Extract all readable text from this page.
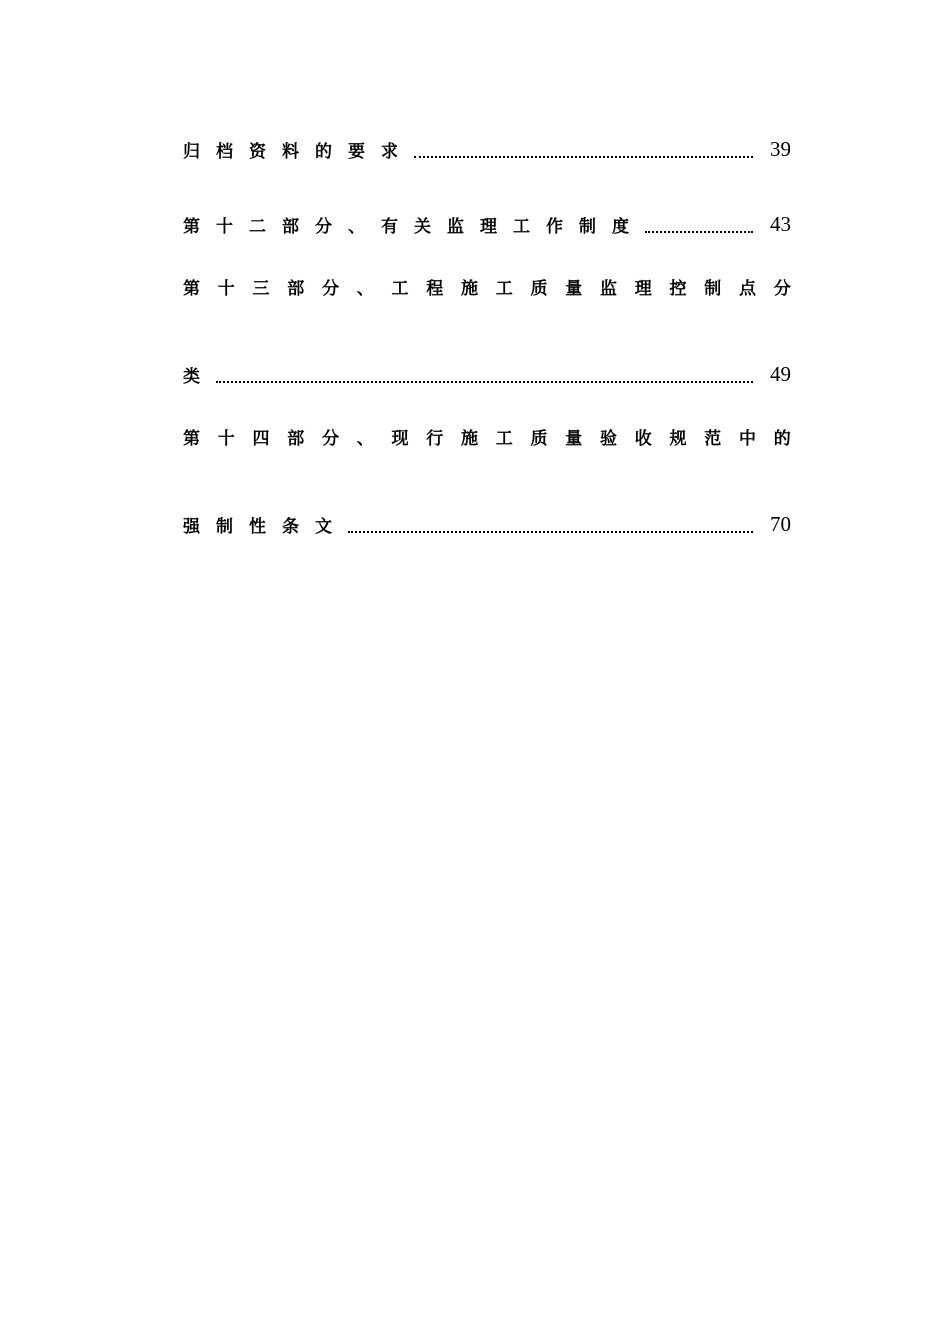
归 档 资 料 的 要 求	39
第 十 二 部 分 、 有 关 监 理 工 作 制 度	43
第 十 三 部 分 、 工 程 施 工 质 量 监 理 控 制 点 分
类	49
第 十 四 部 分 、 现 行 施 工 质 量 验 收 规 范 中 的
强 制 性 条 文	70
